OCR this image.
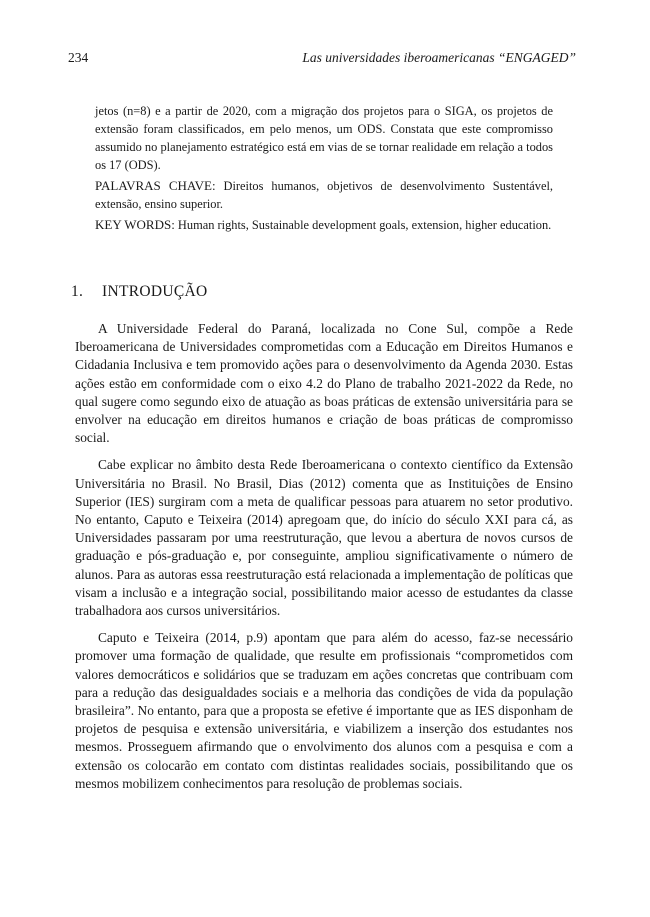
234	Las universidades iberoamericanas “ENGAGED”

jetos (n=8) e a partir de 2020, com a migração dos projetos para o SIGA, os projetos de extensão foram classificados, em pelo menos, um ODS. Constata que este compromisso assumido no planejamento estratégico está em vias de se tornar realidade em relação a todos os 17 (ODS).

PALAVRAS CHAVE: Direitos humanos, objetivos de desenvolvimento Sustentável, extensão, ensino superior.

KEY WORDS: Human rights, Sustainable development goals, extension, higher education.

1. INTRODUÇÃO

A Universidade Federal do Paraná, localizada no Cone Sul, compõe a Rede Iberoamericana de Universidades comprometidas com a Educação em Direitos Humanos e Cidadania Inclusiva e tem promovido ações para o desenvolvimento da Agenda 2030. Estas ações estão em conformidade com o eixo 4.2 do Plano de trabalho 2021-2022 da Rede, no qual sugere como segundo eixo de atuação as boas práticas de extensão universitária para se envolver na educação em direitos humanos e criação de boas práticas de compromisso social.

Cabe explicar no âmbito desta Rede Iberoamericana o contexto científico da Extensão Universitária no Brasil. No Brasil, Dias (2012) comenta que as Instituições de Ensino Superior (IES) surgiram com a meta de qualificar pessoas para atuarem no setor produtivo. No entanto, Caputo e Teixeira (2014) apregoam que, do início do século XXI para cá, as Universidades passaram por uma reestruturação, que levou a abertura de novos cursos de graduação e pós-graduação e, por conseguinte, ampliou significativamente o número de alunos. Para as autoras essa reestruturação está relacionada a implementação de políticas que visam a inclusão e a integração social, possibilitando maior acesso de estudantes da classe trabalhadora aos cursos universitários.

Caputo e Teixeira (2014, p.9) apontam que para além do acesso, faz-se necessário promover uma formação de qualidade, que resulte em profissionais “comprometidos com valores democráticos e solidários que se traduzam em ações concretas que contribuam com para a redução das desigualdades sociais e a melhoria das condições de vida da população brasileira”. No entanto, para que a proposta se efetive é importante que as IES disponham de projetos de pesquisa e extensão universitária, e viabilizem a inserção dos estudantes nos mesmos. Prosseguem afirmando que o envolvimento dos alunos com a pesquisa e com a extensão os colocarão em contato com distintas realidades sociais, possibilitando que os mesmos mobilizem conhecimentos para resolução de problemas sociais.
